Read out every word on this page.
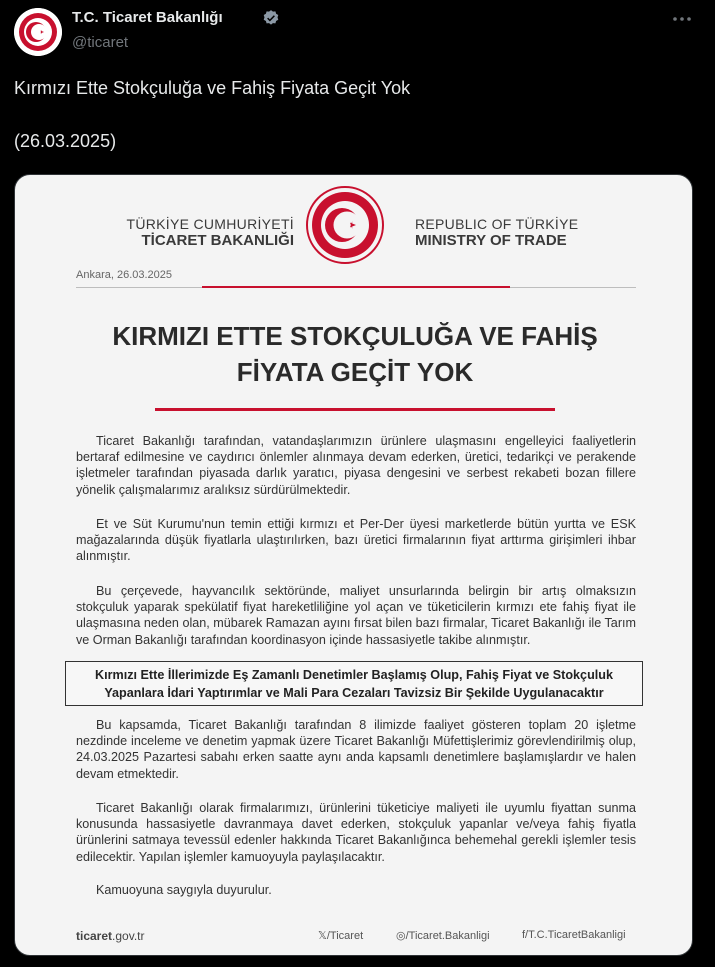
T.C. Ticaret Bakanlığı
@ticaret
Kırmızı Ette Stokçuluğa ve Fahiş Fiyata Geçit Yok
(26.03.2025)
TÜRKİYE CUMHURİYETİ
TİCARET BAKANLIĞI
REPUBLIC OF TÜRKİYE
MINISTRY OF TRADE
Ankara, 26.03.2025
KIRMIZI ETTE STOKÇULUĞA VE FAHİŞ
FİYATA GEÇİT YOK

Ticaret Bakanlığı tarafından, vatandaşlarımızın ürünlere ulaşmasını engelleyici faaliyetlerin bertaraf edilmesine ve caydırıcı önlemler alınmaya devam ederken, üretici, tedarikçi ve perakende işletmeler tarafından piyasada darlık yaratıcı, piyasa dengesini ve serbest rekabeti bozan fillere yönelik çalışmalarımız aralıksız sürdürülmektedir.

Et ve Süt Kurumu'nun temin ettiği kırmızı et Per-Der üyesi marketlerde bütün yurtta ve ESK mağazalarında düşük fiyatlarla ulaştırılırken, bazı üretici firmalarının fiyat arttırma girişimleri ihbar alınmıştır.

Bu çerçevede, hayvancılık sektöründe, maliyet unsurlarında belirgin bir artış olmaksızın stokçuluk yaparak spekülatif fiyat hareketliliğine yol açan ve tüketicilerin kırmızı ete fahiş fiyat ile ulaşmasına neden olan, mübarek Ramazan ayını fırsat bilen bazı firmalar, Ticaret Bakanlığı ile Tarım ve Orman Bakanlığı tarafından koordinasyon içinde hassasiyetle takibe alınmıştır.

Kırmızı Ette İllerimizde Eş Zamanlı Denetimler Başlamış Olup, Fahiş Fiyat ve Stokçuluk
Yapanlara İdari Yaptırımlar ve Mali Para Cezaları Tavizsiz Bir Şekilde Uygulanacaktır

Bu kapsamda, Ticaret Bakanlığı tarafından 8 ilimizde faaliyet gösteren toplam 20 işletme nezdinde inceleme ve denetim yapmak üzere Ticaret Bakanlığı Müfettişlerimiz görevlendirilmiş olup, 24.03.2025 Pazartesi sabahı erken saatte aynı anda kapsamlı denetimlere başlamışlardır ve halen devam etmektedir.

Ticaret Bakanlığı olarak firmalarımızı, ürünlerini tüketiciye maliyeti ile uyumlu fiyattan sunma konusunda hassasiyetle davranmaya davet ederken, stokçuluk yapanlar ve/veya fahiş fiyatla ürünlerini satmaya tevessül edenler hakkında Ticaret Bakanlığınca behemehal gerekli işlemler tesis edilecektir. Yapılan işlemler kamuoyuyla paylaşılacaktır.

Kamuoyuna saygıyla duyurulur.

ticaret.gov.tr	𝕏/Ticaret	◎/Ticaret.Bakanligi	f/T.C.TicaretBakanligi
